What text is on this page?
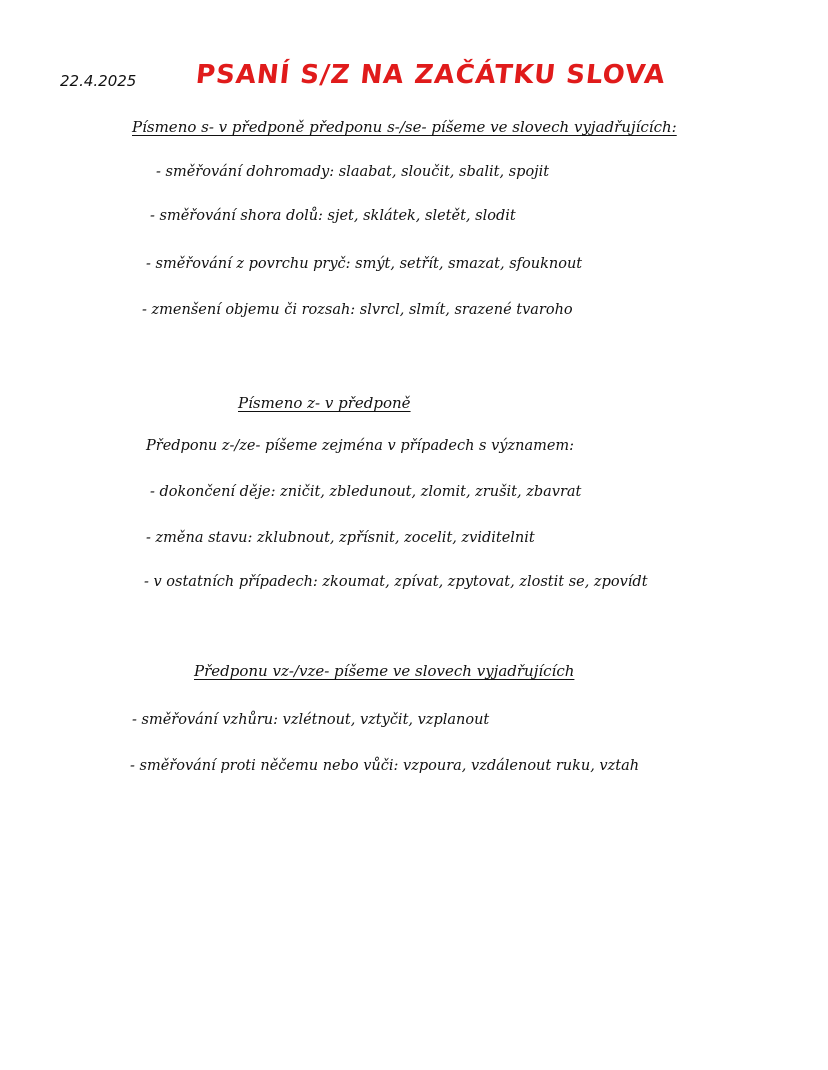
22.4.2025 PSANÍ S/Z NA ZAČÁTKU SLOVA
Písmeno s- v předponě předponu s-/se- píšeme ve slovech vyjadřujících:
- směřování dohromady: slaabat, sloučit, sbalit, spojit
- směřování shora dolů: sjet, sklátek, sletět, slodit
- směřování z povrchu pryč: smýt, setřít, smazat, sfouknout
- zmenšení objemu či rozsah: slvrcl, slmít, srazené tvaroho
Písmeno z- v předponě
Předponu z-/ze- píšeme zejména v případech s významem:
- dokončení děje: zničit, zbledunout, zlomit, zrušit, zbavrat
- změna stavu: zklubnout, zpřísnit, zocelit, zviditelnit
- v ostatních případech: zkoumat, zpívat, zpytovat, zlostit se, zpovídt
Předponu vz-/vze- píšeme ve slovech vyjadřujících
- směřování vzhůru: vzlétnout, vztyčit, vzplanout
- směřování proti něčemu nebo vůči: vzpoura, vzdálenout ruku, vztah
